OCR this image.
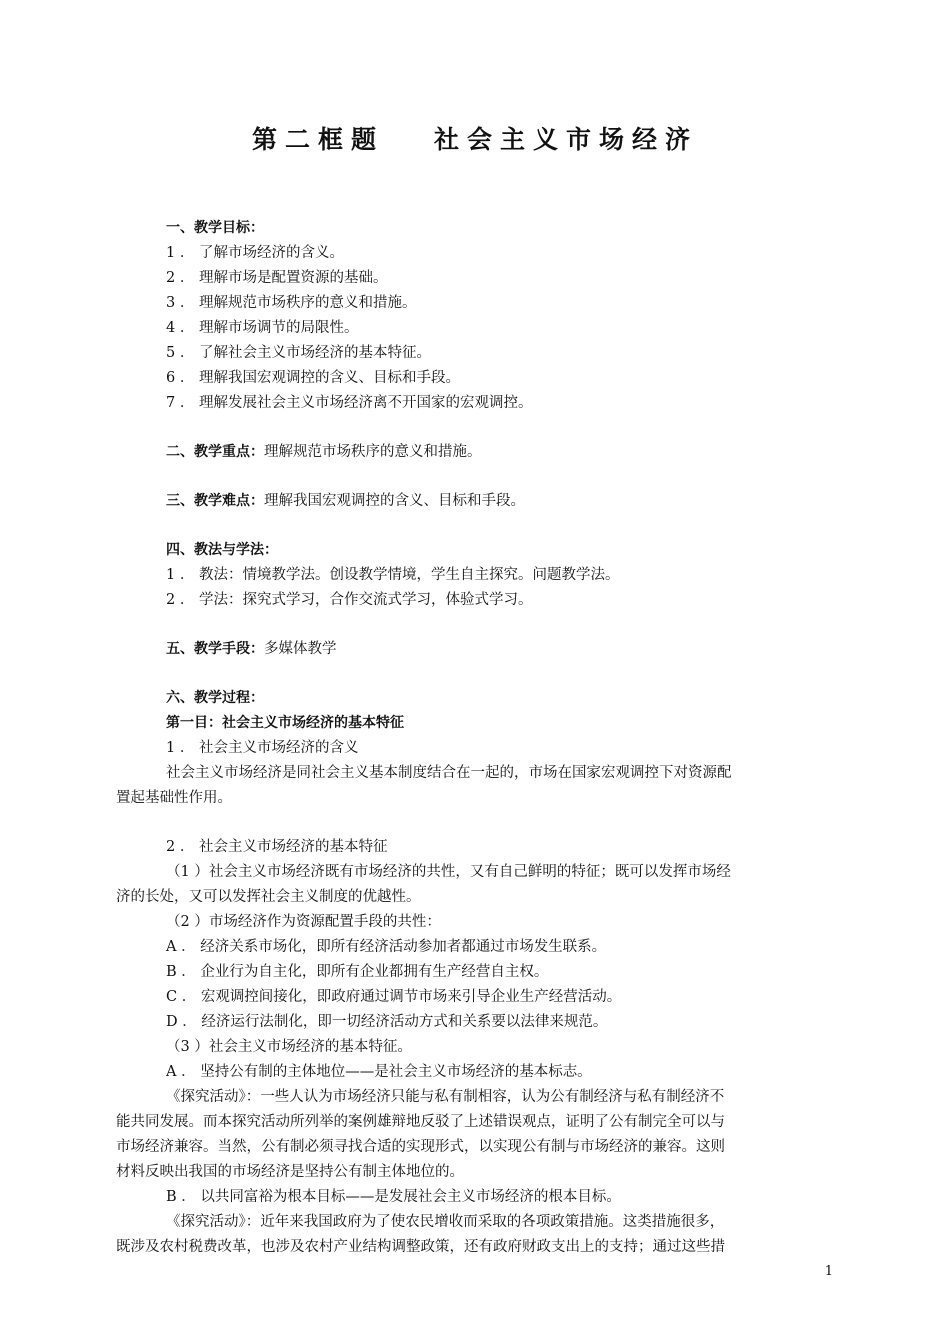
第二框题   社会主义市场经济
一、教学目标：
1 ． 了解市场经济的含义。
2 ． 理解市场是配置资源的基础。
3 ． 理解规范市场秩序的意义和措施。
4 ． 理解市场调节的局限性。
5 ． 了解社会主义市场经济的基本特征。
6 ． 理解我国宏观调控的含义、目标和手段。
7 ． 理解发展社会主义市场经济离不开国家的宏观调控。
二、教学重点：理解规范市场秩序的意义和措施。
三、教学难点：理解我国宏观调控的含义、目标和手段。
四、教法与学法：
1 ． 教法：情境教学法。创设教学情境，学生自主探究。问题教学法。
2 ． 学法：探究式学习，合作交流式学习，体验式学习。
五、教学手段：多媒体教学
六、教学过程：
第一目：社会主义市场经济的基本特征
1 ． 社会主义市场经济的含义
社会主义市场经济是同社会主义基本制度结合在一起的，市场在国家宏观调控下对资源配
置起基础性作用。
2 ． 社会主义市场经济的基本特征
（1 ）社会主义市场经济既有市场经济的共性，又有自己鲜明的特征；既可以发挥市场经
济的长处，又可以发挥社会主义制度的优越性。
（2 ）市场经济作为资源配置手段的共性：
A ． 经济关系市场化，即所有经济活动参加者都通过市场发生联系。
B ． 企业行为自主化，即所有企业都拥有生产经营自主权。
C ． 宏观调控间接化，即政府通过调节市场来引导企业生产经营活动。
D ． 经济运行法制化，即一切经济活动方式和关系要以法律来规范。
（3 ）社会主义市场经济的基本特征。
A ． 坚持公有制的主体地位——是社会主义市场经济的基本标志。
《探究活动》：一些人认为市场经济只能与私有制相容，认为公有制经济与私有制经济不
能共同发展。而本探究活动所列举的案例雄辩地反驳了上述错误观点，证明了公有制完全可以与
市场经济兼容。当然，公有制必须寻找合适的实现形式，以实现公有制与市场经济的兼容。这则
材料反映出我国的市场经济是坚持公有制主体地位的。
B ． 以共同富裕为根本目标——是发展社会主义市场经济的根本目标。
《探究活动》：近年来我国政府为了使农民增收而采取的各项政策措施。这类措施很多，
既涉及农村税费改革，也涉及农村产业结构调整政策，还有政府财政支出上的支持；通过这些措
1
